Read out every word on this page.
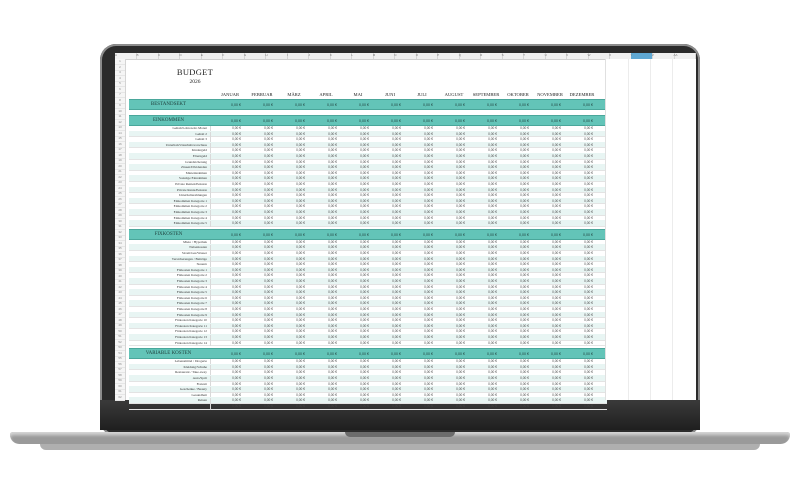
A	B	C	D	E	F	G	H	I	J	K	L	M	N	O	P	Q	R	S	T	U	V	W	X	Y	Z	AA
1
2
3
4
5
6
7
8
9
10
11
12
13
14
15
16
17
18
19
20
21
22
23
24
25
26
27
28
29
30
31
32
33
34
35
36
37
38
39
40
41
42
43
44
45
46
47
48
49
50
51
52
53
54
55
56
57
58
59
60
61
62
BUDGET
2026
JANUAR	FEBRUAR	MÄRZ	APRIL	MAI	JUNI	JULI	AUGUST	SEPTEMBER	OKTOBER	NOVEMBER	DEZEMBER
BESTANDSEKT	0,00 €	0,00 €	0,00 €	0,00 €	0,00 €	0,00 €	0,00 €	0,00 €	0,00 €	0,00 €	0,00 €	0,00 €
EINKOMMEN	0,00 €	0,00 €	0,00 €	0,00 €	0,00 €	0,00 €	0,00 €	0,00 €	0,00 €	0,00 €	0,00 €	0,00 €
Gehalt/Lohn netto Monat	0,00 €	0,00 €	0,00 €	0,00 €	0,00 €	0,00 €	0,00 €	0,00 €	0,00 €	0,00 €	0,00 €	0,00 €
Gehalt 2	0,00 €	0,00 €	0,00 €	0,00 €	0,00 €	0,00 €	0,00 €	0,00 €	0,00 €	0,00 €	0,00 €	0,00 €
Gehalt 3	0,00 €	0,00 €	0,00 €	0,00 €	0,00 €	0,00 €	0,00 €	0,00 €	0,00 €	0,00 €	0,00 €	0,00 €
Unterhalt/Unterhaltsvorschuss	0,00 €	0,00 €	0,00 €	0,00 €	0,00 €	0,00 €	0,00 €	0,00 €	0,00 €	0,00 €	0,00 €	0,00 €
Kindergeld	0,00 €	0,00 €	0,00 €	0,00 €	0,00 €	0,00 €	0,00 €	0,00 €	0,00 €	0,00 €	0,00 €	0,00 €
Elterngeld	0,00 €	0,00 €	0,00 €	0,00 €	0,00 €	0,00 €	0,00 €	0,00 €	0,00 €	0,00 €	0,00 €	0,00 €
Grundsicherung	0,00 €	0,00 €	0,00 €	0,00 €	0,00 €	0,00 €	0,00 €	0,00 €	0,00 €	0,00 €	0,00 €	0,00 €
Zinsen/Dividenden	0,00 €	0,00 €	0,00 €	0,00 €	0,00 €	0,00 €	0,00 €	0,00 €	0,00 €	0,00 €	0,00 €	0,00 €
Mieteinnahmen	0,00 €	0,00 €	0,00 €	0,00 €	0,00 €	0,00 €	0,00 €	0,00 €	0,00 €	0,00 €	0,00 €	0,00 €
Sonstige Einnahmen	0,00 €	0,00 €	0,00 €	0,00 €	0,00 €	0,00 €	0,00 €	0,00 €	0,00 €	0,00 €	0,00 €	0,00 €
Private Renten/Pension	0,00 €	0,00 €	0,00 €	0,00 €	0,00 €	0,00 €	0,00 €	0,00 €	0,00 €	0,00 €	0,00 €	0,00 €
Private Rente/Pension	0,00 €	0,00 €	0,00 €	0,00 €	0,00 €	0,00 €	0,00 €	0,00 €	0,00 €	0,00 €	0,00 €	0,00 €
Unterhaltszahlungen	0,00 €	0,00 €	0,00 €	0,00 €	0,00 €	0,00 €	0,00 €	0,00 €	0,00 €	0,00 €	0,00 €	0,00 €
Einkommen Kategorie 1	0,00 €	0,00 €	0,00 €	0,00 €	0,00 €	0,00 €	0,00 €	0,00 €	0,00 €	0,00 €	0,00 €	0,00 €
Einkommen Kategorie 2	0,00 €	0,00 €	0,00 €	0,00 €	0,00 €	0,00 €	0,00 €	0,00 €	0,00 €	0,00 €	0,00 €	0,00 €
Einkommen Kategorie 3	0,00 €	0,00 €	0,00 €	0,00 €	0,00 €	0,00 €	0,00 €	0,00 €	0,00 €	0,00 €	0,00 €	0,00 €
Einkommen Kategorie 4	0,00 €	0,00 €	0,00 €	0,00 €	0,00 €	0,00 €	0,00 €	0,00 €	0,00 €	0,00 €	0,00 €	0,00 €
Einkommen Kategorie 5	0,00 €	0,00 €	0,00 €	0,00 €	0,00 €	0,00 €	0,00 €	0,00 €	0,00 €	0,00 €	0,00 €	0,00 €
FIXKOSTEN	0,00 €	0,00 €	0,00 €	0,00 €	0,00 €	0,00 €	0,00 €	0,00 €	0,00 €	0,00 €	0,00 €	0,00 €
Miete / Hypothek	0,00 €	0,00 €	0,00 €	0,00 €	0,00 €	0,00 €	0,00 €	0,00 €	0,00 €	0,00 €	0,00 €	0,00 €
Nebenkosten	0,00 €	0,00 €	0,00 €	0,00 €	0,00 €	0,00 €	0,00 €	0,00 €	0,00 €	0,00 €	0,00 €	0,00 €
Strom/Gas/Wasser	0,00 €	0,00 €	0,00 €	0,00 €	0,00 €	0,00 €	0,00 €	0,00 €	0,00 €	0,00 €	0,00 €	0,00 €
Versicherungen / Beiträge	0,00 €	0,00 €	0,00 €	0,00 €	0,00 €	0,00 €	0,00 €	0,00 €	0,00 €	0,00 €	0,00 €	0,00 €
Steuern	0,00 €	0,00 €	0,00 €	0,00 €	0,00 €	0,00 €	0,00 €	0,00 €	0,00 €	0,00 €	0,00 €	0,00 €
Fixkosten Kategorie 1	0,00 €	0,00 €	0,00 €	0,00 €	0,00 €	0,00 €	0,00 €	0,00 €	0,00 €	0,00 €	0,00 €	0,00 €
Fixkosten Kategorie 2	0,00 €	0,00 €	0,00 €	0,00 €	0,00 €	0,00 €	0,00 €	0,00 €	0,00 €	0,00 €	0,00 €	0,00 €
Fixkosten Kategorie 3	0,00 €	0,00 €	0,00 €	0,00 €	0,00 €	0,00 €	0,00 €	0,00 €	0,00 €	0,00 €	0,00 €	0,00 €
Fixkosten Kategorie 4	0,00 €	0,00 €	0,00 €	0,00 €	0,00 €	0,00 €	0,00 €	0,00 €	0,00 €	0,00 €	0,00 €	0,00 €
Fixkosten Kategorie 5	0,00 €	0,00 €	0,00 €	0,00 €	0,00 €	0,00 €	0,00 €	0,00 €	0,00 €	0,00 €	0,00 €	0,00 €
Fixkosten Kategorie 6	0,00 €	0,00 €	0,00 €	0,00 €	0,00 €	0,00 €	0,00 €	0,00 €	0,00 €	0,00 €	0,00 €	0,00 €
Fixkosten Kategorie 7	0,00 €	0,00 €	0,00 €	0,00 €	0,00 €	0,00 €	0,00 €	0,00 €	0,00 €	0,00 €	0,00 €	0,00 €
Fixkosten Kategorie 8	0,00 €	0,00 €	0,00 €	0,00 €	0,00 €	0,00 €	0,00 €	0,00 €	0,00 €	0,00 €	0,00 €	0,00 €
Fixkosten Kategorie 9	0,00 €	0,00 €	0,00 €	0,00 €	0,00 €	0,00 €	0,00 €	0,00 €	0,00 €	0,00 €	0,00 €	0,00 €
Fixkosten Kategorie 10	0,00 €	0,00 €	0,00 €	0,00 €	0,00 €	0,00 €	0,00 €	0,00 €	0,00 €	0,00 €	0,00 €	0,00 €
Fixkosten Kategorie 11	0,00 €	0,00 €	0,00 €	0,00 €	0,00 €	0,00 €	0,00 €	0,00 €	0,00 €	0,00 €	0,00 €	0,00 €
Fixkosten Kategorie 12	0,00 €	0,00 €	0,00 €	0,00 €	0,00 €	0,00 €	0,00 €	0,00 €	0,00 €	0,00 €	0,00 €	0,00 €
Fixkosten Kategorie 13	0,00 €	0,00 €	0,00 €	0,00 €	0,00 €	0,00 €	0,00 €	0,00 €	0,00 €	0,00 €	0,00 €	0,00 €
Fixkosten Kategorie 14	0,00 €	0,00 €	0,00 €	0,00 €	0,00 €	0,00 €	0,00 €	0,00 €	0,00 €	0,00 €	0,00 €	0,00 €
VARIABLE KOSTEN	0,00 €	0,00 €	0,00 €	0,00 €	0,00 €	0,00 €	0,00 €	0,00 €	0,00 €	0,00 €	0,00 €	0,00 €
Lebensmittel / Drogerie	0,00 €	0,00 €	0,00 €	0,00 €	0,00 €	0,00 €	0,00 €	0,00 €	0,00 €	0,00 €	0,00 €	0,00 €
Kleidung/Schuhe	0,00 €	0,00 €	0,00 €	0,00 €	0,00 €	0,00 €	0,00 €	0,00 €	0,00 €	0,00 €	0,00 €	0,00 €
Restaurant / Take-away	0,00 €	0,00 €	0,00 €	0,00 €	0,00 €	0,00 €	0,00 €	0,00 €	0,00 €	0,00 €	0,00 €	0,00 €
Auto/Sprit	0,00 €	0,00 €	0,00 €	0,00 €	0,00 €	0,00 €	0,00 €	0,00 €	0,00 €	0,00 €	0,00 €	0,00 €
Freizeit	0,00 €	0,00 €	0,00 €	0,00 €	0,00 €	0,00 €	0,00 €	0,00 €	0,00 €	0,00 €	0,00 €	0,00 €
Geschenke / Beauty	0,00 €	0,00 €	0,00 €	0,00 €	0,00 €	0,00 €	0,00 €	0,00 €	0,00 €	0,00 €	0,00 €	0,00 €
Gesundheit	0,00 €	0,00 €	0,00 €	0,00 €	0,00 €	0,00 €	0,00 €	0,00 €	0,00 €	0,00 €	0,00 €	0,00 €
Reisen	0,00 €	0,00 €	0,00 €	0,00 €	0,00 €	0,00 €	0,00 €	0,00 €	0,00 €	0,00 €	0,00 €	0,00 €
Sonstiges	0,00 €	0,00 €	0,00 €	0,00 €	0,00 €	0,00 €	0,00 €	0,00 €	0,00 €	0,00 €	0,00 €	0,00 €
